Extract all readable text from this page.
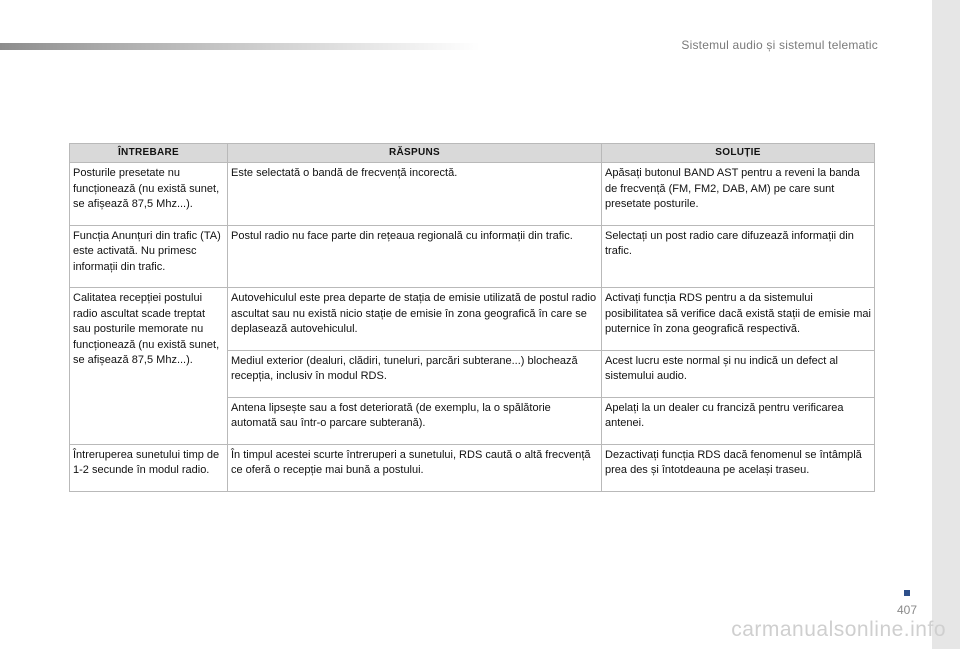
Sistemul audio și sistemul telematic
ÎNTREBARE	RĂSPUNS	SOLUȚIE
Posturile presetate nu funcționează (nu există sunet, se afișează 87,5 Mhz...).	Este selectată o bandă de frecvență incorectă.	Apăsați butonul BAND AST pentru a reveni la banda de frecvență (FM, FM2, DAB, AM) pe care sunt presetate posturile.
Funcția Anunțuri din trafic (TA) este activată. Nu primesc informații din trafic.	Postul radio nu face parte din rețeaua regională cu informații din trafic.	Selectați un post radio care difuzează informații din trafic.
Calitatea recepției postului radio ascultat scade treptat sau posturile memorate nu funcționează (nu există sunet, se afișează 87,5 Mhz...).	Autovehiculul este prea departe de stația de emisie utilizată de postul radio ascultat sau nu există nicio stație de emisie în zona geografică în care se deplasează autovehiculul.	Activați funcția RDS pentru a da sistemului posibilitatea să verifice dacă există stații de emisie mai puternice în zona geografică respectivă.
	Mediul exterior (dealuri, clădiri, tuneluri, parcări subterane...) blochează recepția, inclusiv în modul RDS.	Acest lucru este normal și nu indică un defect al sistemului audio.
	Antena lipsește sau a fost deteriorată (de exemplu, la o spălătorie automată sau într-o parcare subterană).	Apelați la un dealer cu franciză pentru verificarea antenei.
Întreruperea sunetului timp de 1-2 secunde în modul radio.	În timpul acestei scurte întreruperi a sunetului, RDS caută o altă frecvență ce oferă o recepție mai bună a postului.	Dezactivați funcția RDS dacă fenomenul se întâmplă prea des și întotdeauna pe același traseu.
407
carmanualsonline.info
